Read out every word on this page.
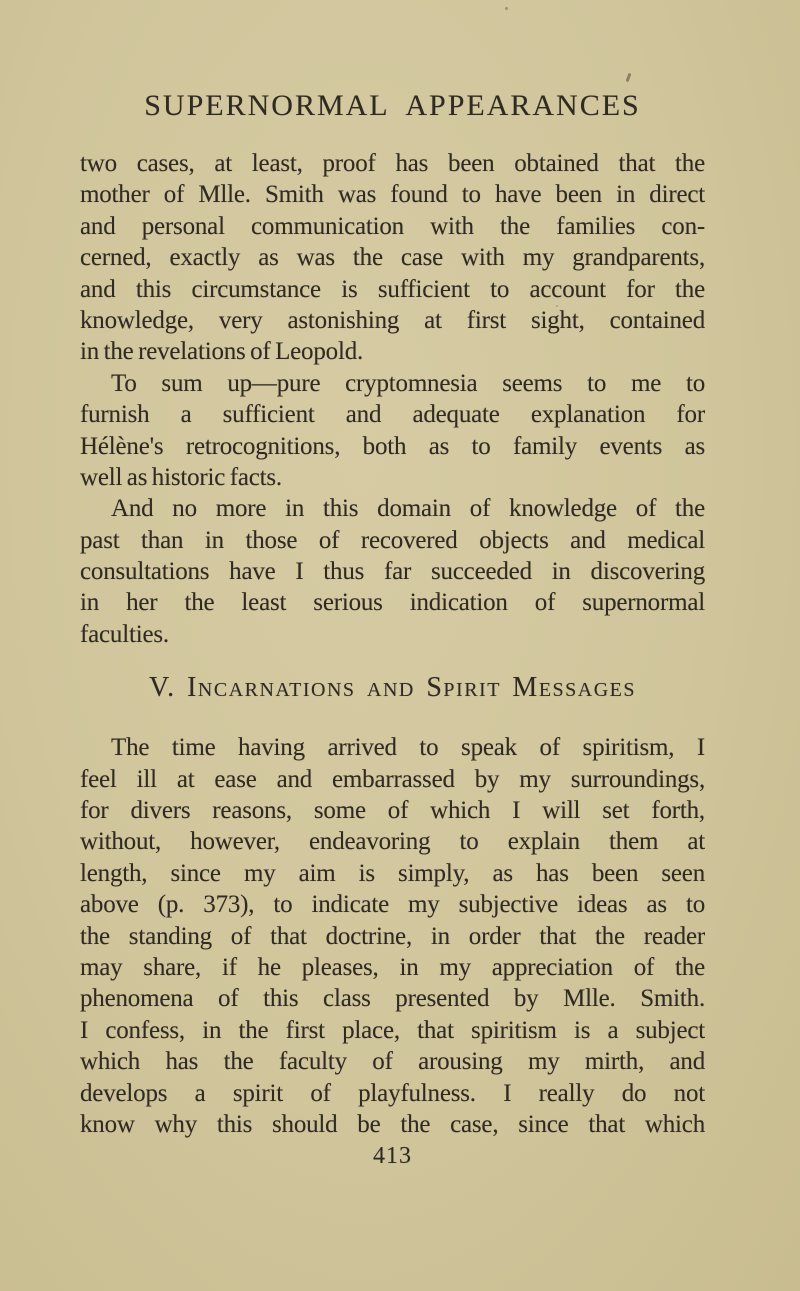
SUPERNORMAL APPEARANCES
two cases, at least, proof has been obtained that the
mother of Mlle. Smith was found to have been in direct
and personal communication with the families con-
cerned, exactly as was the case with my grandparents,
and this circumstance is sufficient to account for the
knowledge, very astonishing at first sight, contained
in the revelations of Leopold.
To sum up—pure cryptomnesia seems to me to
furnish a sufficient and adequate explanation for
Hélène's retrocognitions, both as to family events as
well as historic facts.
And no more in this domain of knowledge of the
past than in those of recovered objects and medical
consultations have I thus far succeeded in discovering
in her the least serious indication of supernormal
faculties.
V. Incarnations and Spirit Messages
The time having arrived to speak of spiritism, I
feel ill at ease and embarrassed by my surroundings,
for divers reasons, some of which I will set forth,
without, however, endeavoring to explain them at
length, since my aim is simply, as has been seen
above (p. 373), to indicate my subjective ideas as to
the standing of that doctrine, in order that the reader
may share, if he pleases, in my appreciation of the
phenomena of this class presented by Mlle. Smith.
I confess, in the first place, that spiritism is a subject
which has the faculty of arousing my mirth, and
develops a spirit of playfulness. I really do not
know why this should be the case, since that which
413
